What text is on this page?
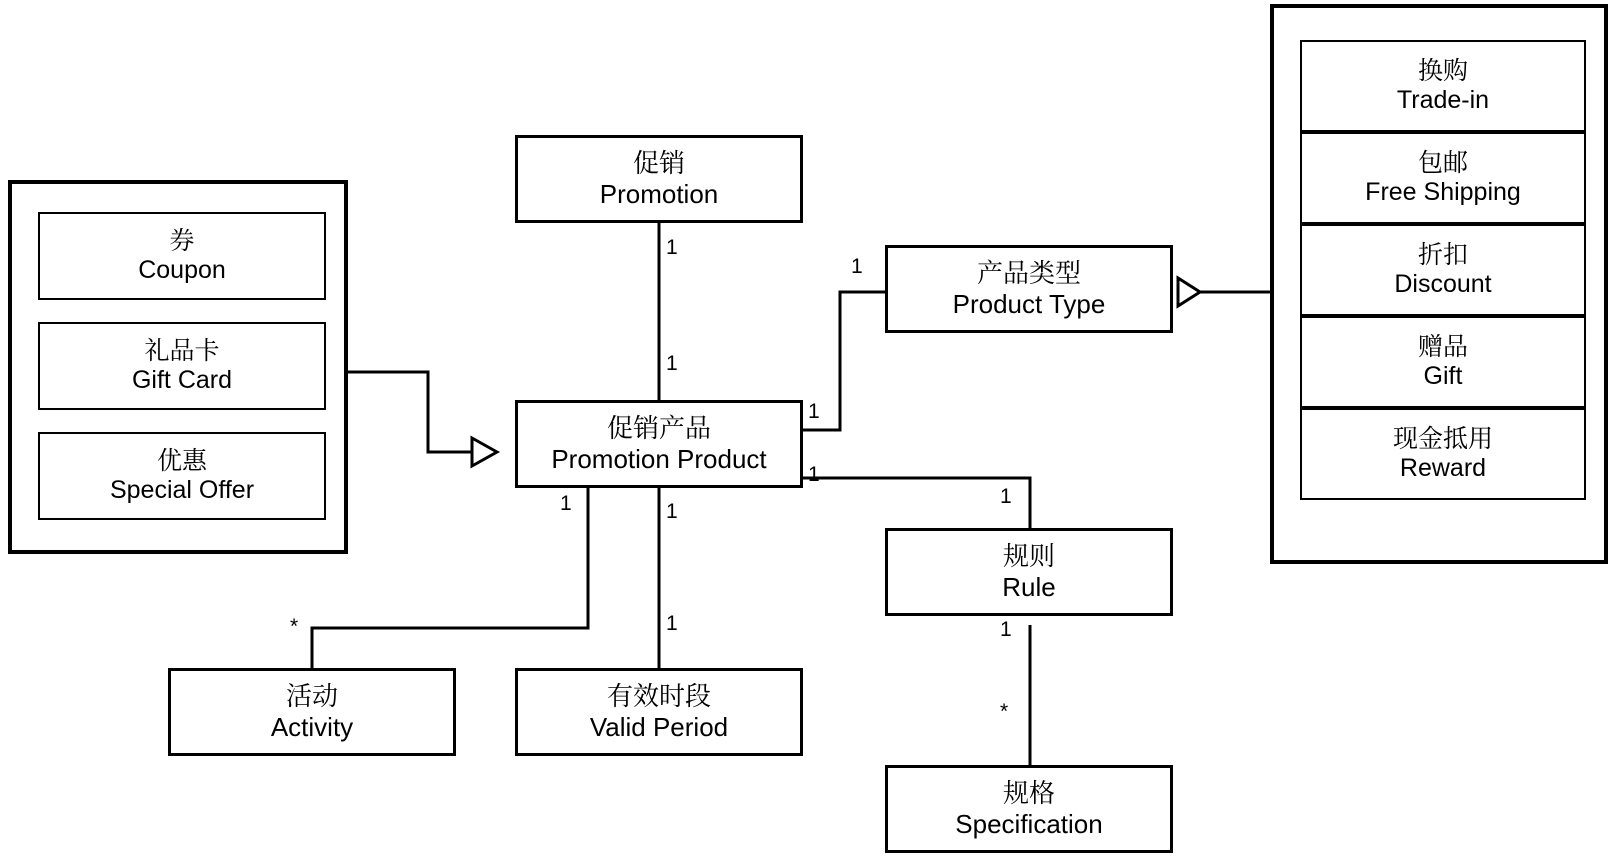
券
Coupon
礼品卡
Gift Card
优惠
Special Offer
换购
Trade-in
包邮
Free Shipping
折扣
Discount
赠品
Gift
现金抵用
Reward
促销
Promotion
促销产品
Promotion Product
产品类型
Product Type
规则
Rule
规格
Specification
活动
Activity
有效时段
Valid Period
1
1
1
1
1
1
1
*
1
*
1
1
